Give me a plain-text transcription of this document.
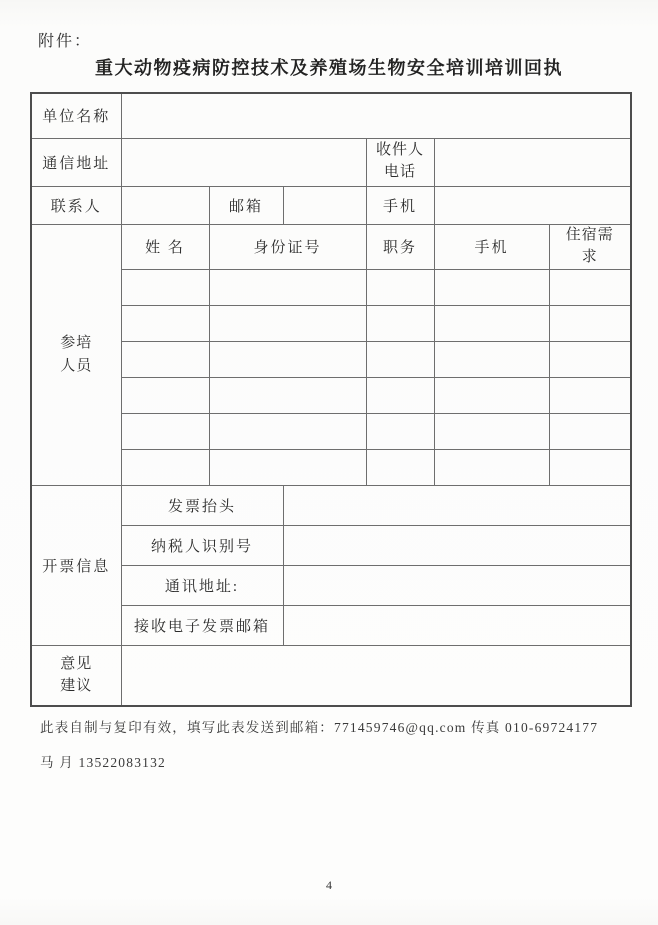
附件：
重大动物疫病防控技术及养殖场生物安全培训培训回执
单位名称						
通信地址				收件人电话		
联系人		邮箱		手机		
参培人员	姓 名	身份证号		职务	手机	住宿需求

开票信息	发票抬头					
	纳税人识别号					
	通讯地址:					
	接收电子发票邮箱					
意见建议						

此表自制与复印有效，填写此表发送到邮箱：771459746@qq.com 传真 010-69724177

马 月 13522083132

4
